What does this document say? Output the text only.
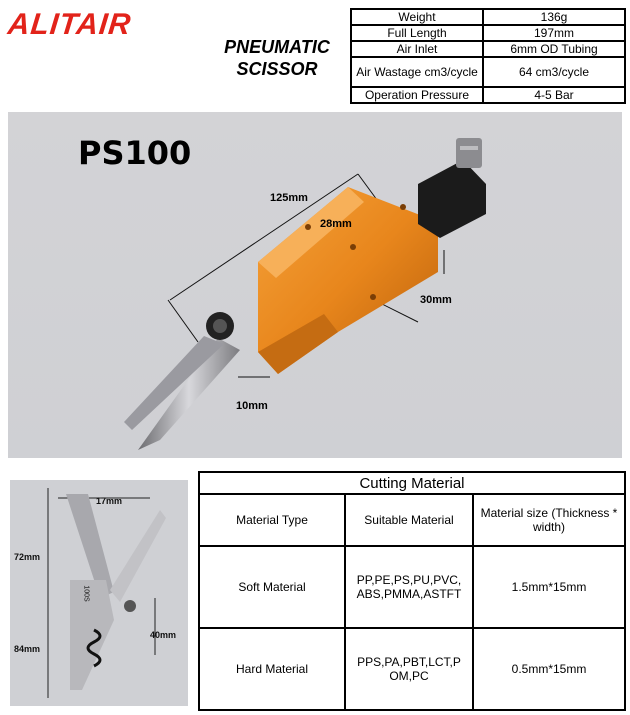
ALITAIR
PNEUMATIC
SCISSOR
Weight	136g
Full Length	197mm
Air Inlet	6mm OD Tubing
Air Wastage cm3/cycle	64 cm3/cycle
Operation Pressure	4-5 Bar
PS100
125mm
28mm
30mm
10mm
17mm
72mm
84mm
40mm
100S
Cutting Material		
Material Type	Suitable Material	Material size (Thickness * width)
Soft Material	PP,PE,PS,PU,PVC, ABS,PMMA,ASTFT	1.5mm*15mm
Hard Material	PPS,PA,PBT,LCT,P OM,PC	0.5mm*15mm
